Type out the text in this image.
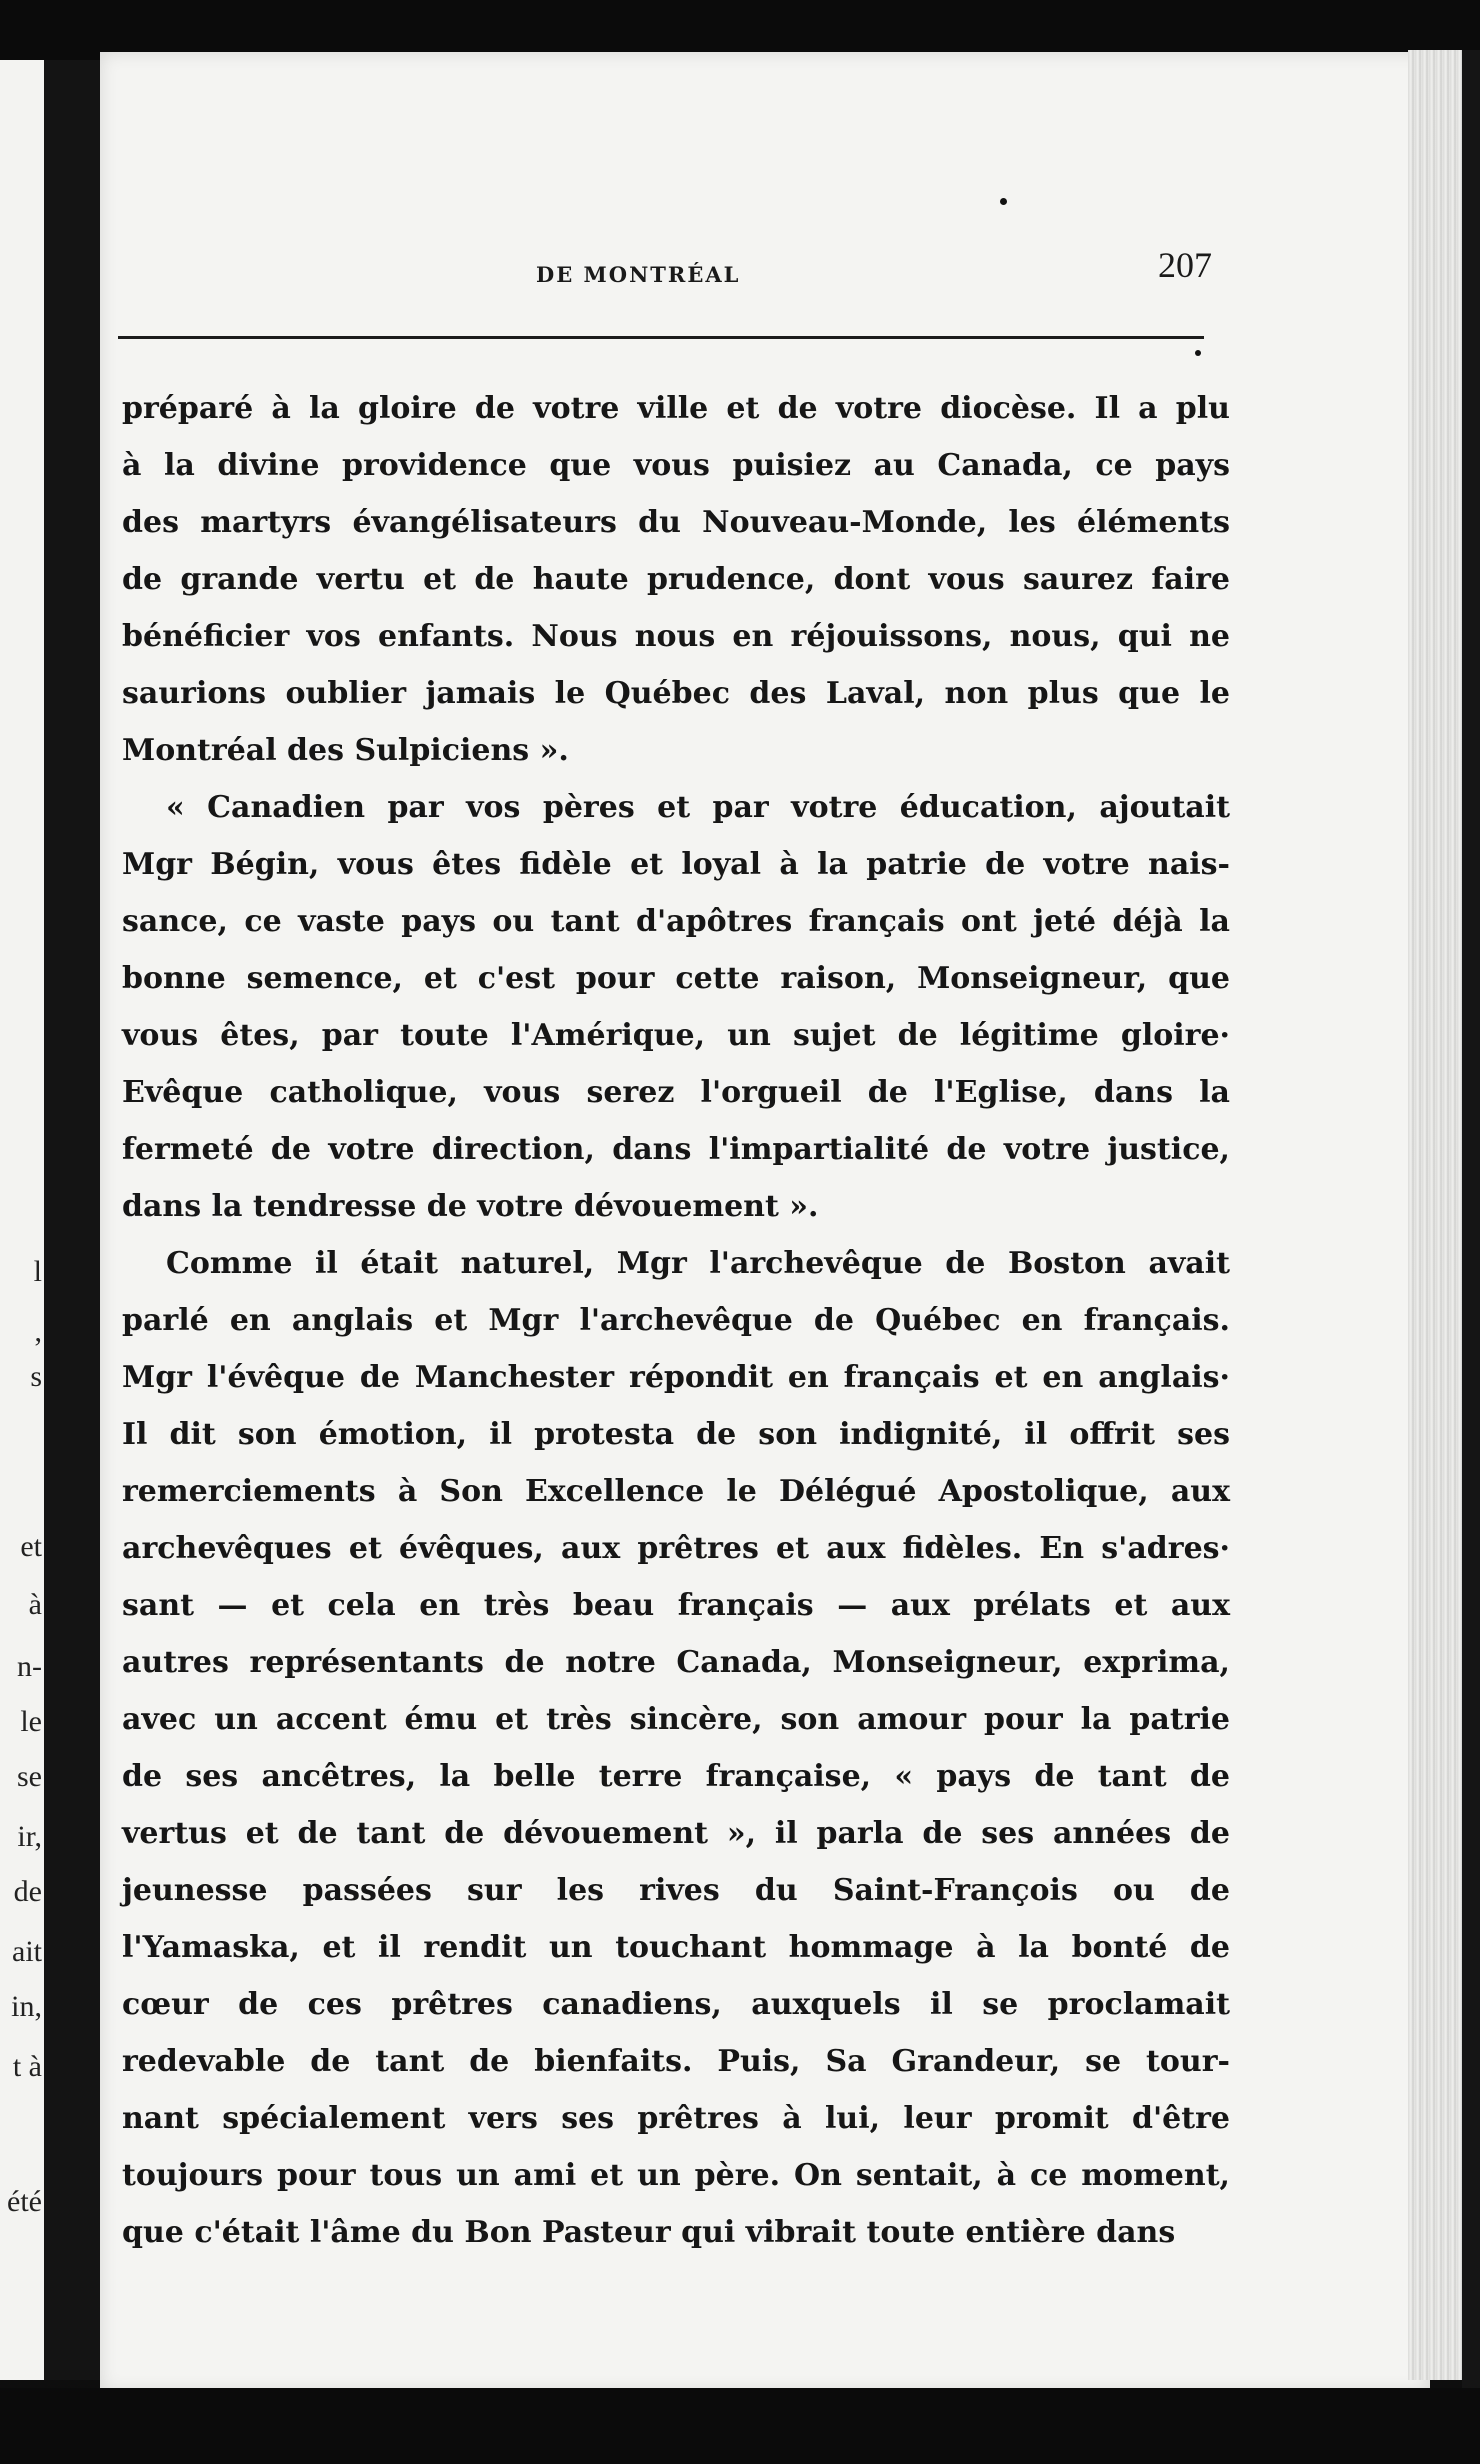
l
,
s
et
à
n-
le
se
ir,
de
ait
in,
t à
été
DE MONTRÉAL	207
préparé à la gloire de votre ville et de votre diocèse. Il a plu
à la divine providence que vous puisiez au Canada, ce pays
des martyrs évangélisateurs du Nouveau-Monde, les éléments
de grande vertu et de haute prudence, dont vous saurez faire
bénéficier vos enfants. Nous nous en réjouissons, nous, qui ne
saurions oublier jamais le Québec des Laval, non plus que le
Montréal des Sulpiciens ».
« Canadien par vos pères et par votre éducation, ajoutait
Mgr Bégin, vous êtes fidèle et loyal à la patrie de votre nais-
sance, ce vaste pays ou tant d'apôtres français ont jeté déjà la
bonne semence, et c'est pour cette raison, Monseigneur, que
vous êtes, par toute l'Amérique, un sujet de légitime gloire·
Evêque catholique, vous serez l'orgueil de l'Eglise, dans la
fermeté de votre direction, dans l'impartialité de votre justice,
dans la tendresse de votre dévouement ».
Comme il était naturel, Mgr l'archevêque de Boston avait
parlé en anglais et Mgr l'archevêque de Québec en français.
Mgr l'évêque de Manchester répondit en français et en anglais·
Il dit son émotion, il protesta de son indignité, il offrit ses
remerciements à Son Excellence le Délégué Apostolique, aux
archevêques et évêques, aux prêtres et aux fidèles. En s'adres·
sant — et cela en très beau français — aux prélats et aux
autres représentants de notre Canada, Monseigneur, exprima,
avec un accent ému et très sincère, son amour pour la patrie
de ses ancêtres, la belle terre française, « pays de tant de
vertus et de tant de dévouement », il parla de ses années de
jeunesse passées sur les rives du Saint-François ou de
l'Yamaska, et il rendit un touchant hommage à la bonté de
cœur de ces prêtres canadiens, auxquels il se proclamait
redevable de tant de bienfaits. Puis, Sa Grandeur, se tour-
nant spécialement vers ses prêtres à lui, leur promit d'être
toujours pour tous un ami et un père. On sentait, à ce moment,
que c'était l'âme du Bon Pasteur qui vibrait toute entière dans
